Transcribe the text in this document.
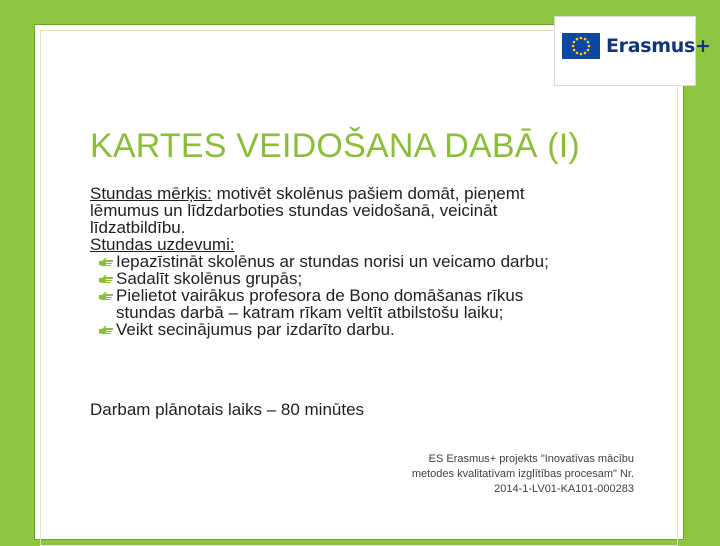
Erasmus+
KARTES VEIDOŠANA DABĀ (I)

Stundas mērķis: motivēt skolēnus pašiem domāt, pieņemt
lēmumus un līdzdarboties stundas veidošanā, veicināt
līdzatbildību.

Stundas uzdevumi:

Iepazīstināt skolēnus ar stundas norisi un veicamo darbu;
Sadalīt skolēnus grupās;
Pielietot vairākus profesora de Bono domāšanas rīkus
stundas darbā – katram rīkam veltīt atbilstošu laiku;
Veikt secinājumus par izdarīto darbu.
Darbam plānotais laiks – 80 minūtes
ES Erasmus+ projekts "Inovatīvas mācību
metodes kvalitatīvam izglītības procesam" Nr.
2014-1-LV01-KA101-000283
